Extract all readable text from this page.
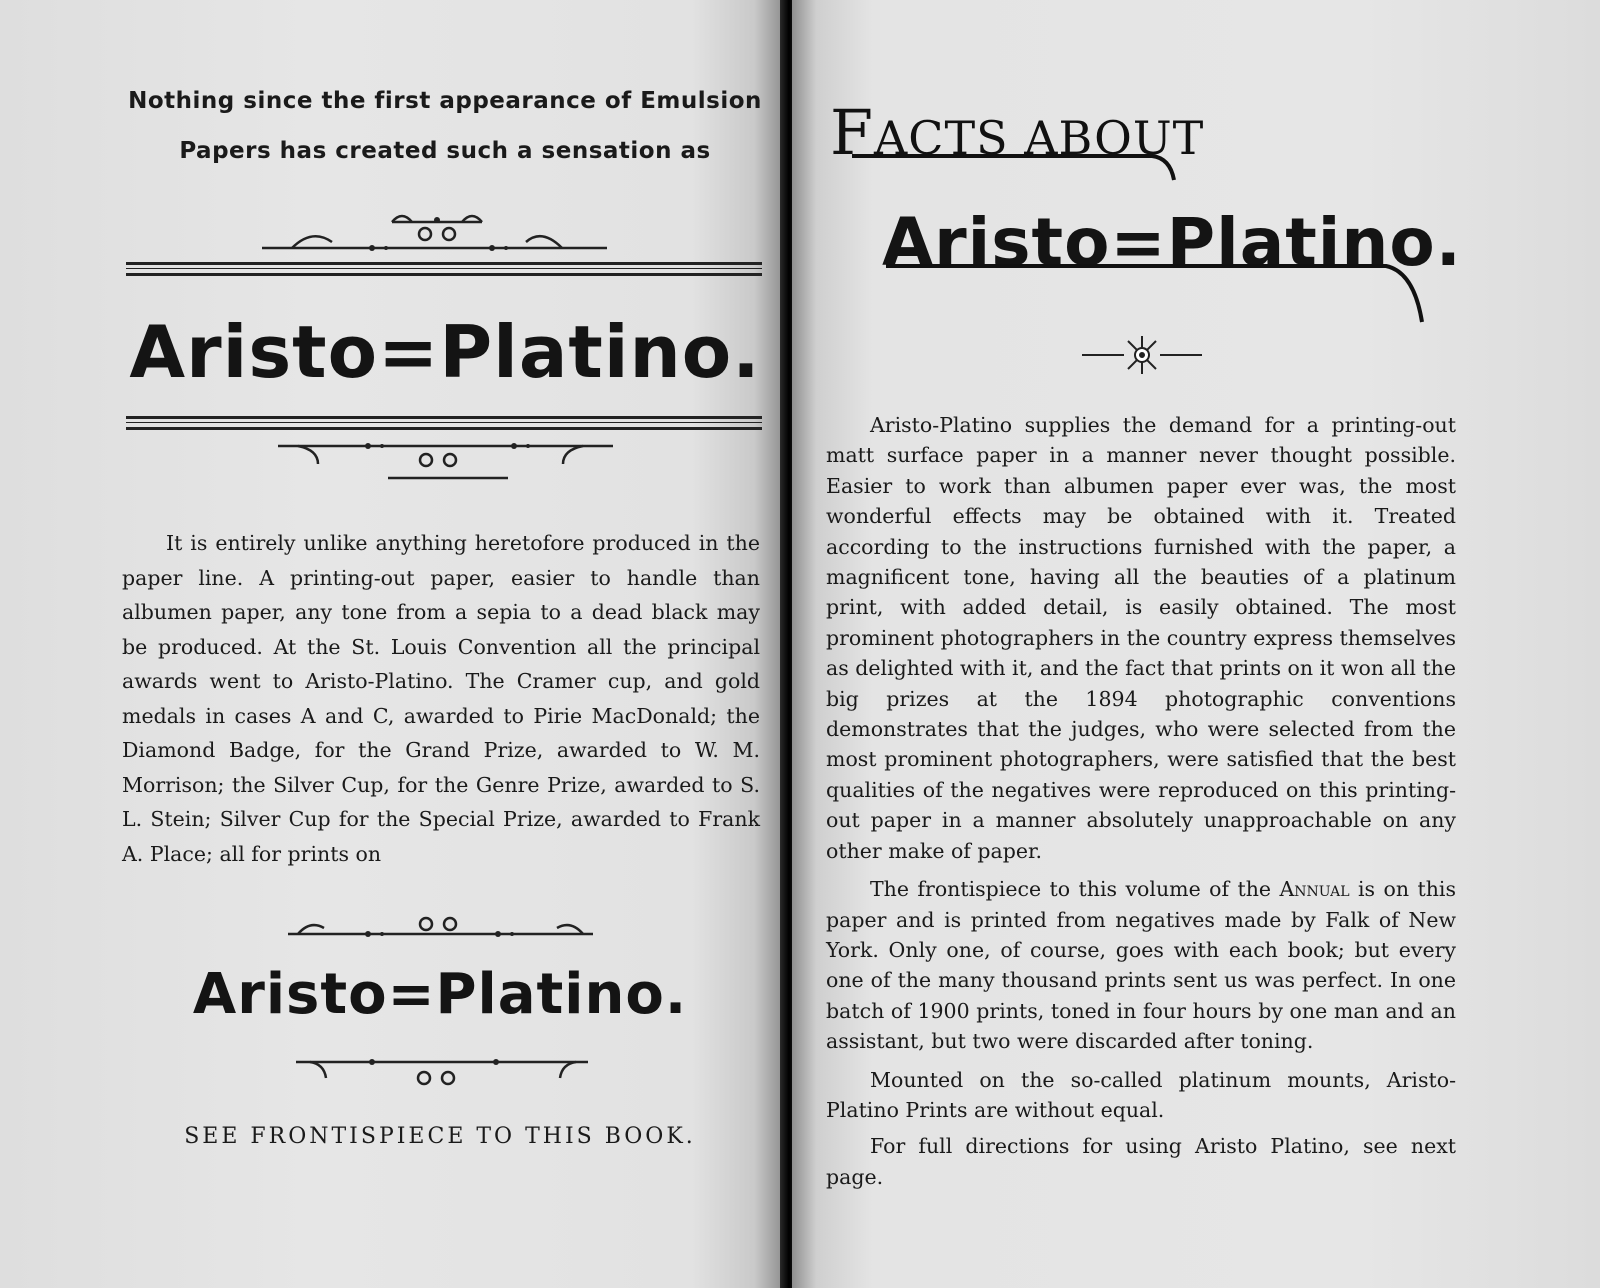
Nothing since the first appearance of Emulsion
Papers has created such a sensation as
Aristo=Platino.

It is entirely unlike anything heretofore produced in the paper line. A printing-out paper, easier to handle than albumen paper, any tone from a sepia to a dead black may be produced. At the St. Louis Convention all the principal awards went to Aristo-Platino. The Cramer cup, and gold medals in cases A and C, awarded to Pirie MacDonald; the Diamond Badge, for the Grand Prize, awarded to W. M. Morrison; the Silver Cup, for the Genre Prize, awarded to S. L. Stein; Silver Cup for the Special Prize, awarded to Frank A. Place; all for prints on

Aristo=Platino.
SEE FRONTISPIECE TO THIS BOOK.
FACTS ABOUT
Aristo=Platino.

Aristo-Platino supplies the demand for a printing-out matt surface paper in a manner never thought possible. Easier to work than albumen paper ever was, the most wonderful effects may be obtained with it. Treated according to the instructions furnished with the paper, a magnificent tone, having all the beauties of a platinum print, with added detail, is easily obtained. The most prominent photographers in the country express themselves as delighted with it, and the fact that prints on it won all the big prizes at the 1894 photographic conventions demonstrates that the judges, who were selected from the most prominent photographers, were satisfied that the best qualities of the negatives were reproduced on this printing-out paper in a manner absolutely unapproachable on any other make of paper.

The frontispiece to this volume of the Annual is on this paper and is printed from negatives made by Falk of New York. Only one, of course, goes with each book; but every one of the many thousand prints sent us was perfect. In one batch of 1900 prints, toned in four hours by one man and an assistant, but two were discarded after toning.

Mounted on the so-called platinum mounts, Aristo-Platino Prints are without equal.

For full directions for using Aristo Platino, see next page.
